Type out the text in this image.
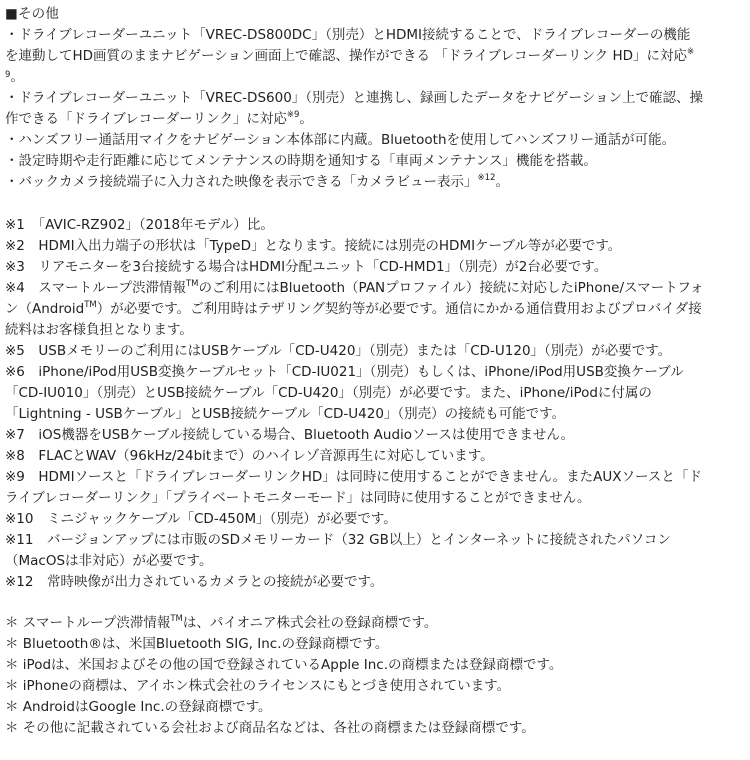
■その他
・ドライブレコーダーユニット「VREC-DS800DC」（別売）とHDMI接続することで、ドライブレコーダーの機能
を連動してHD画質のままナビゲーション画面上で確認、操作ができる 「ドライブレコーダーリンク HD」に対応※
$^9$。
・ドライブレコーダーユニット「VREC-DS600」（別売）と連携し、録画したデータをナビゲーション上で確認、操
作できる「ドライブレコーダーリンク」に対応$^{※9}$。
・ハンズフリー通話用マイクをナビゲーション本体部に内蔵。Bluetoothを使用してハンズフリー通話が可能。
・設定時期や走行距離に応じてメンテナンスの時期を通知する「車両メンテナンス」機能を搭載。
・バックカメラ接続端子に入力された映像を表示できる「カメラビュー表示」$^{※12}$。
※1　「AVIC-RZ902」（2018年モデル）比。
※2　HDMI入出力端子の形状は「TypeD」となります。接続には別売のHDMIケーブル等が必要です。
※3　リアモニターを3台接続する場合はHDMI分配ユニット「CD-HMD1」（別売）が2台必要です。
※4　スマートループ渋滞情報™のご利用にはBluetooth（PANプロファイル）接続に対応したiPhone/スマートフォ
ン（Android™）が必要です。ご利用時はテザリング契約等が必要です。通信にかかる通信費用およびプロバイダ接
続料はお客様負担となります。
※5　USBメモリーのご利用にはUSBケーブル「CD-U420」（別売）または「CD-U120」（別売）が必要です。
※6　iPhone/iPod用USB変換ケーブルセット「CD-IU021」（別売）もしくは、iPhone/iPod用USB変換ケーブル
「CD-IU010」（別売）とUSB接続ケーブル「CD-U420」（別売）が必要です。また、iPhone/iPodに付属の
「Lightning - USBケーブル」とUSB接続ケーブル「CD-U420」（別売）の接続も可能です。
※7　iOS機器をUSBケーブル接続している場合、Bluetooth Audioソースは使用できません。
※8　FLACとWAV（96kHz/24bitまで）のハイレゾ音源再生に対応しています。
※9　HDMIソースと「ドライブレコーダーリンクHD」は同時に使用することができません。またAUXソースと「ド
ライブレコーダーリンク」「プライベートモニターモード」は同時に使用することができません。
※10　ミニジャックケーブル「CD-450M」（別売）が必要です。
※11　バージョンアップには市販のSDメモリーカード（32 GB以上）とインターネットに接続されたパソコン
（MacOSは非対応）が必要です。
※12　常時映像が出力されているカメラとの接続が必要です。
＊ スマートループ渋滞情報™は、パイオニア株式会社の登録商標です。
＊ Bluetooth®は、米国Bluetooth SIG, Inc.の登録商標です。
＊ iPodは、米国およびその他の国で登録されているApple Inc.の商標または登録商標です。
＊ iPhoneの商標は、アイホン株式会社のライセンスにもとづき使用されています。
＊ AndroidはGoogle Inc.の登録商標です。
＊ その他に記載されている会社および商品名などは、各社の商標または登録商標です。
